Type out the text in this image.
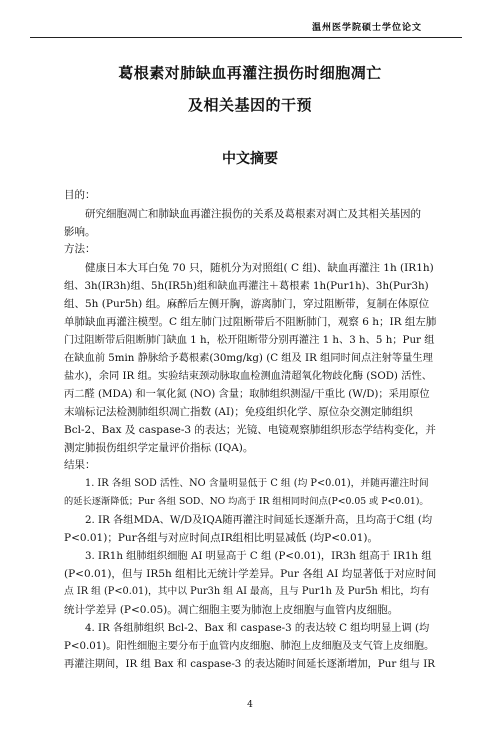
温州医学院硕士学位论文
葛根素对肺缺血再灌注损伤时细胞凋亡
及相关基因的干预
中文摘要
目的：
研究细胞凋亡和肺缺血再灌注损伤的关系及葛根素对凋亡及其相关基因的
影响。
方法：
健康日本大耳白兔 70 只，随机分为对照组( C 组)、缺血再灌注 1h (IR1h)
组、3h(IR3h)组、5h(IR5h)组和缺血再灌注＋葛根素 1h(Pur1h)、3h(Pur3h)
组、5h (Pur5h) 组。麻醉后左侧开胸，游离肺门，穿过阻断带，复制在体原位
单肺缺血再灌注模型。C 组左肺门过阻断带后不阻断肺门，观察 6 h；IR 组左肺
门过阻断带后阻断肺门缺血 1 h，松开阻断带分别再灌注 1 h、3 h、5 h；Pur 组
在缺血前 5min 静脉给予葛根素(30mg/kg) (C 组及 IR 组同时间点注射等量生理
盐水)，余同 IR 组。实验结束颈动脉取血检测血清超氧化物歧化酶 (SOD) 活性、
丙二醛 (MDA) 和一氧化氮 (NO) 含量；取肺组织测湿/干重比 (W/D)；采用原位
末端标记法检测肺组织凋亡指数 (AI)；免疫组织化学、原位杂交测定肺组织
Bcl-2、Bax 及 caspase-3 的表达；光镜、电镜观察肺组织形态学结构变化，并
测定肺损伤组织学定量评价指标 (IQA)。
结果：
1. IR 各组 SOD 活性、NO 含量明显低于 C 组 (均 P<0.01)，并随再灌注时间
的延长逐渐降低；Pur 各组 SOD、NO 均高于 IR 组相同时间点(P<0.05 或 P<0.01)。
2. IR 各组MDA、W/D及IQA随再灌注时间延长逐渐升高，且均高于C组 (均
P<0.01)；Pur各组与对应时间点IR组相比明显减低 (均P<0.01)。
3. IR1h 组肺组织细胞 AI 明显高于 C 组 (P<0.01)，IR3h 组高于 IR1h 组
(P<0.01)，但与 IR5h 组相比无统计学差异。Pur 各组 AI 均显著低于对应时间
点 IR 组 (P<0.01)，其中以 Pur3h 组 AI 最高，且与 Pur1h 及 Pur5h 相比，均有
统计学差异 (P<0.05)。凋亡细胞主要为肺泡上皮细胞与血管内皮细胞。
4. IR 各组肺组织 Bcl-2、Bax 和 caspase-3 的表达较 C 组均明显上调 (均
P<0.01)。阳性细胞主要分布于血管内皮细胞、肺泡上皮细胞及支气管上皮细胞。
再灌注期间，IR 组 Bax 和 caspase-3 的表达随时间延长逐渐增加，Pur 组与 IR
4
